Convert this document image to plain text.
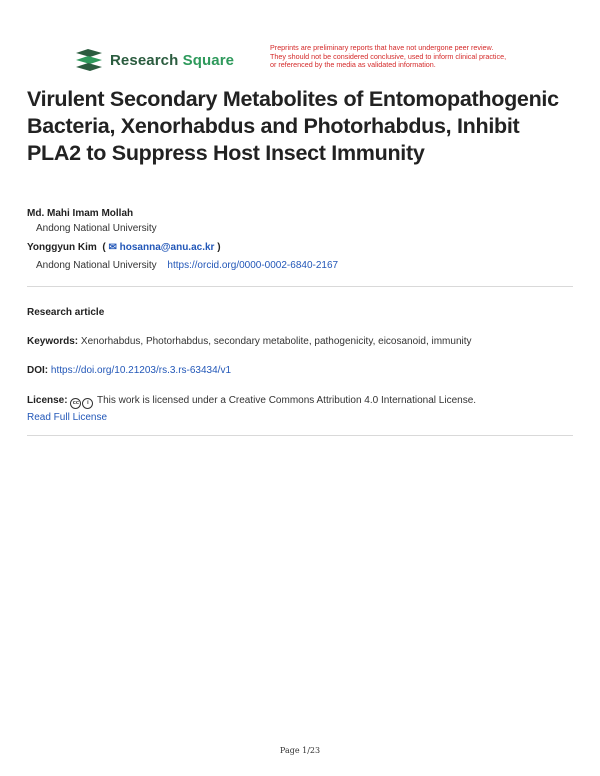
Research Square
Preprints are preliminary reports that have not undergone peer review.
They should not be considered conclusive, used to inform clinical practice,
or referenced by the media as validated information.
Virulent Secondary Metabolites of Entomopathogenic Bacteria, Xenorhabdus and Photorhabdus, Inhibit PLA2 to Suppress Host Insect Immunity
Md. Mahi Imam Mollah
Andong National University
Yonggyun Kim  ( ✉ hosanna@anu.ac.kr )
Andong National University https://orcid.org/0000-0002-6840-2167
Research article
Keywords: Xenorhabdus, Photorhabdus, secondary metabolite, pathogenicity, eicosanoid, immunity
DOI: https://doi.org/10.21203/rs.3.rs-63434/v1
License: cc i This work is licensed under a Creative Commons Attribution 4.0 International License.
Read Full License
Page 1/23
